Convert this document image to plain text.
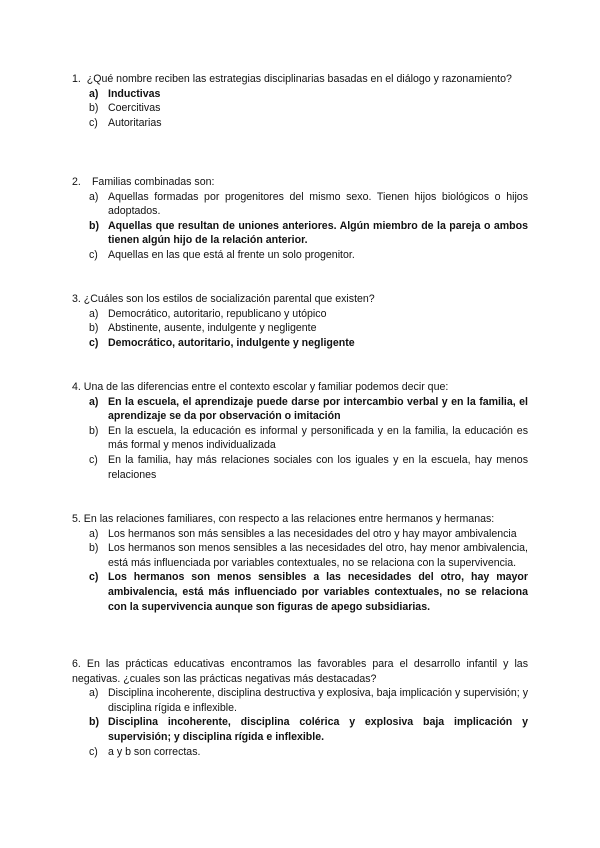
1. ¿Qué nombre reciben las estrategias disciplinarias basadas en el diálogo y razonamiento?
a) Inductivas
b) Coercitivas
c) Autoritarias
2. Familias combinadas son:
a) Aquellas formadas por progenitores del mismo sexo. Tienen hijos biológicos o hijos adoptados.
b) Aquellas que resultan de uniones anteriores. Algún miembro de la pareja o ambos tienen algún hijo de la relación anterior.
c) Aquellas en las que está al frente un solo progenitor.
3. ¿Cuáles son los estilos de socialización parental que existen?
a) Democrático, autoritario, republicano y utópico
b) Abstinente, ausente, indulgente y negligente
c) Democrático, autoritario, indulgente y negligente
4. Una de las diferencias entre el contexto escolar y familiar podemos decir que:
a) En la escuela, el aprendizaje puede darse por intercambio verbal y en la familia, el aprendizaje se da por observación o imitación
b) En la escuela, la educación es informal y personificada y en la familia, la educación es más formal y menos individualizada
c) En la familia, hay más relaciones sociales con los iguales y en la escuela, hay menos relaciones
5. En las relaciones familiares, con respecto a las relaciones entre hermanos y hermanas:
a) Los hermanos son más sensibles a las necesidades del otro y hay mayor ambivalencia
b) Los hermanos son menos sensibles a las necesidades del otro, hay menor ambivalencia, está más influenciada por variables contextuales, no se relaciona con la supervivencia.
c) Los hermanos son menos sensibles a las necesidades del otro, hay mayor ambivalencia, está más influenciado por variables contextuales, no se relaciona con la supervivencia aunque son figuras de apego subsidiarias.
6. En las prácticas educativas encontramos las favorables para el desarrollo infantil y las negativas. ¿cuales son las prácticas negativas más destacadas?
a) Disciplina incoherente, disciplina destructiva y explosiva, baja implicación y supervisión; y disciplina rígida e inflexible.
b) Disciplina incoherente, disciplina colérica y explosiva baja implicación y supervisión; y disciplina rígida e inflexible.
c) a y b son correctas.
